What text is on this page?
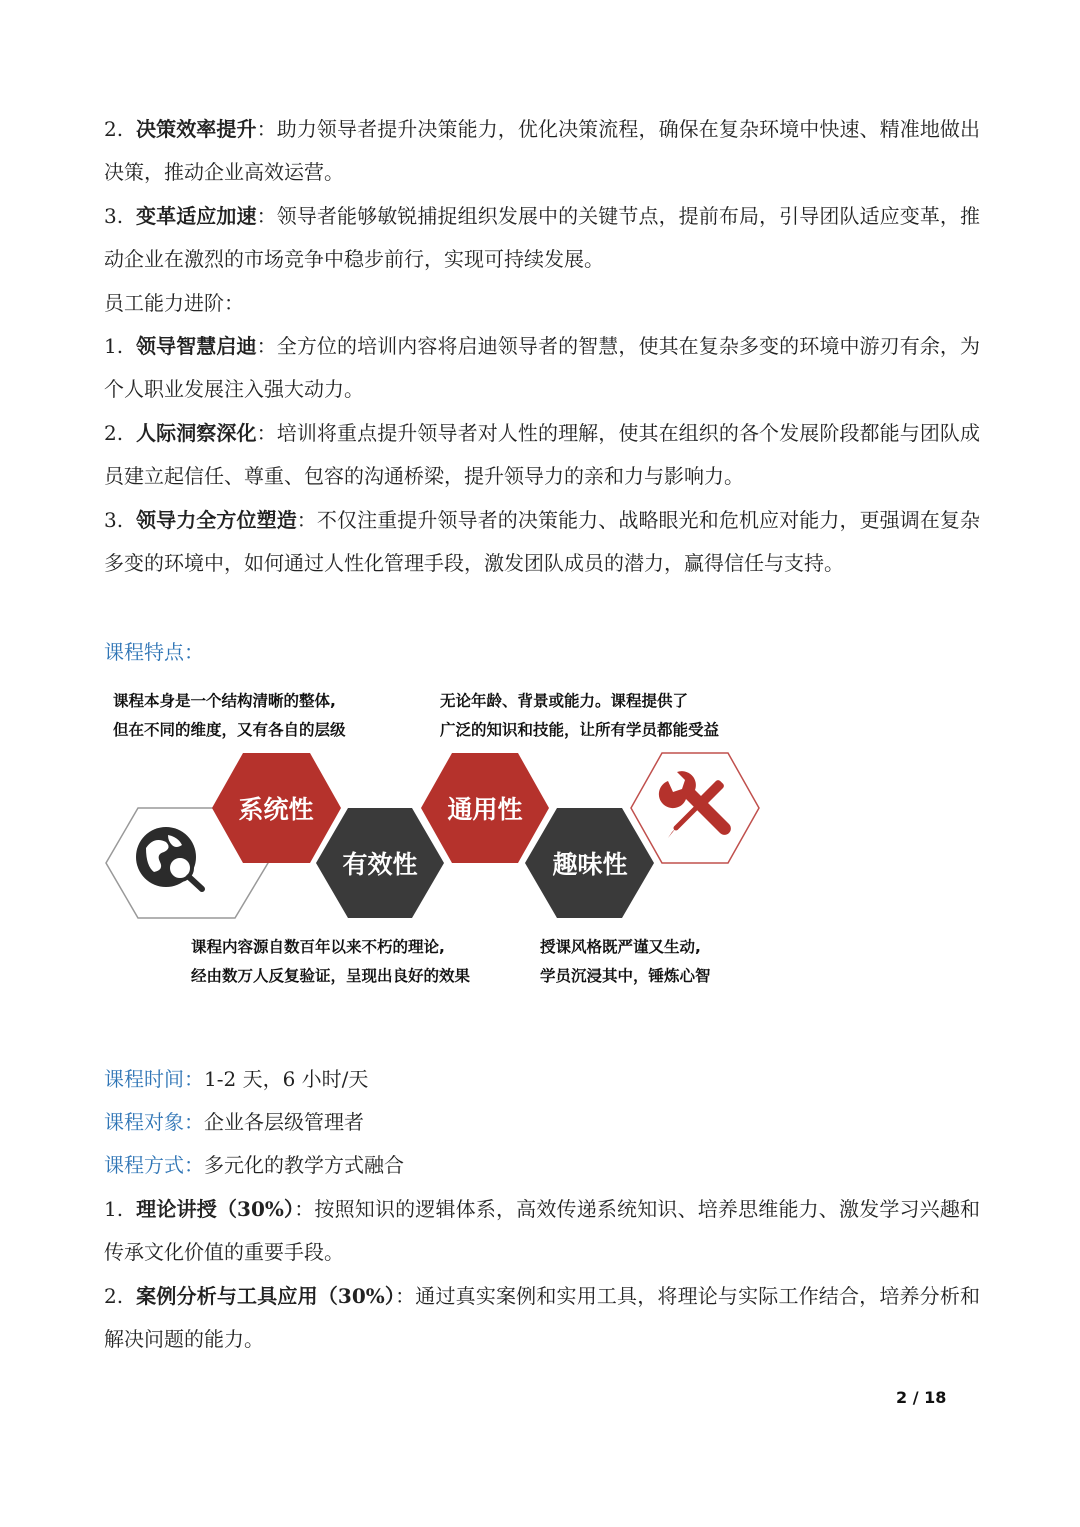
2. 决策效率提升：助力领导者提升决策能力，优化决策流程，确保在复杂环境中快速、精准地做出决策，推动企业高效运营。
3. 变革适应加速：领导者能够敏锐捕捉组织发展中的关键节点，提前布局，引导团队适应变革，推动企业在激烈的市场竞争中稳步前行，实现可持续发展。
员工能力进阶：
1. 领导智慧启迪：全方位的培训内容将启迪领导者的智慧，使其在复杂多变的环境中游刃有余，为个人职业发展注入强大动力。
2. 人际洞察深化：培训将重点提升领导者对人性的理解，使其在组织的各个发展阶段都能与团队成员建立起信任、尊重、包容的沟通桥梁，提升领导力的亲和力与影响力。
3. 领导力全方位塑造：不仅注重提升领导者的决策能力、战略眼光和危机应对能力，更强调在复杂多变的环境中，如何通过人性化管理手段，激发团队成员的潜力，赢得信任与支持。
课程特点：
课程本身是一个结构清晰的整体,
但在不同的维度，又有各自的层级
无论年龄、背景或能力。课程提供了
广泛的知识和技能，让所有学员都能受益
课程内容源自数百年以来不朽的理论,
经由数万人反复验证，呈现出良好的效果
授课风格既严谨又生动,
学员沉浸其中，锤炼心智
系统性
有效性
通用性
趣味性
课程时间：1-2 天，6 小时/天
课程对象：企业各层级管理者
课程方式：多元化的教学方式融合
1. 理论讲授（30%）：按照知识的逻辑体系，高效传递系统知识、培养思维能力、激发学习兴趣和传承文化价值的重要手段。
2. 案例分析与工具应用（30%）：通过真实案例和实用工具，将理论与实际工作结合，培养分析和解决问题的能力。
2 / 18
